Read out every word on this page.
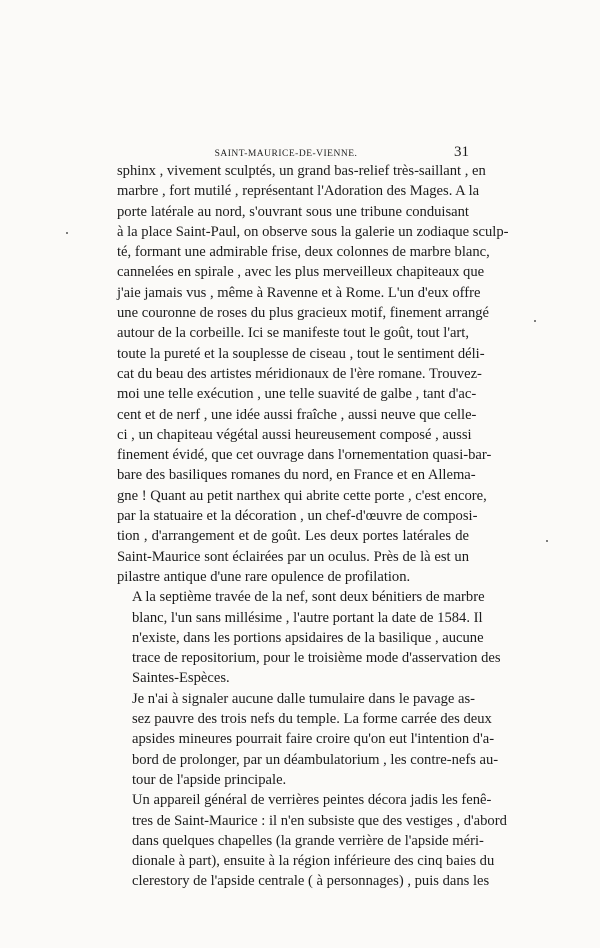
SAINT-MAURICE-DE-VIENNE.	31

sphinx , vivement sculptés, un grand bas-relief très-saillant , en
marbre , fort mutilé , représentant l'Adoration des Mages. A la
porte latérale au nord, s'ouvrant sous une tribune conduisant
à la place Saint-Paul, on observe sous la galerie un zodiaque sculp-
té, formant une admirable frise, deux colonnes de marbre blanc,
cannelées en spirale , avec les plus merveilleux chapiteaux que
j'aie jamais vus , même à Ravenne et à Rome. L'un d'eux offre
une couronne de roses du plus gracieux motif, finement arrangé
autour de la corbeille. Ici se manifeste tout le goût, tout l'art,
toute la pureté et la souplesse de ciseau , tout le sentiment déli-
cat du beau des artistes méridionaux de l'ère romane. Trouvez-
moi une telle exécution , une telle suavité de galbe , tant d'ac-
cent et de nerf , une idée aussi fraîche , aussi neuve que celle-
ci , un chapiteau végétal aussi heureusement composé , aussi
finement évidé, que cet ouvrage dans l'ornementation quasi-bar-
bare des basiliques romanes du nord, en France et en Allema-
gne ! Quant au petit narthex qui abrite cette porte , c'est encore,
par la statuaire et la décoration , un chef-d'œuvre de composi-
tion , d'arrangement et de goût. Les deux portes latérales de
Saint-Maurice sont éclairées par un oculus. Près de là est un
pilastre antique d'une rare opulence de profilation.

A la septième travée de la nef, sont deux bénitiers de marbre
blanc, l'un sans millésime , l'autre portant la date de 1584. Il
n'existe, dans les portions apsidaires de la basilique , aucune
trace de repositorium, pour le troisième mode d'asservation des
Saintes-Espèces.

Je n'ai à signaler aucune dalle tumulaire dans le pavage as-
sez pauvre des trois nefs du temple. La forme carrée des deux
apsides mineures pourrait faire croire qu'on eut l'intention d'a-
bord de prolonger, par un déambulatorium , les contre-nefs au-
tour de l'apside principale.

Un appareil général de verrières peintes décora jadis les fenê-
tres de Saint-Maurice : il n'en subsiste que des vestiges , d'abord
dans quelques chapelles (la grande verrière de l'apside méri-
dionale à part), ensuite à la région inférieure des cinq baies du
clerestory de l'apside centrale ( à personnages) , puis dans les
